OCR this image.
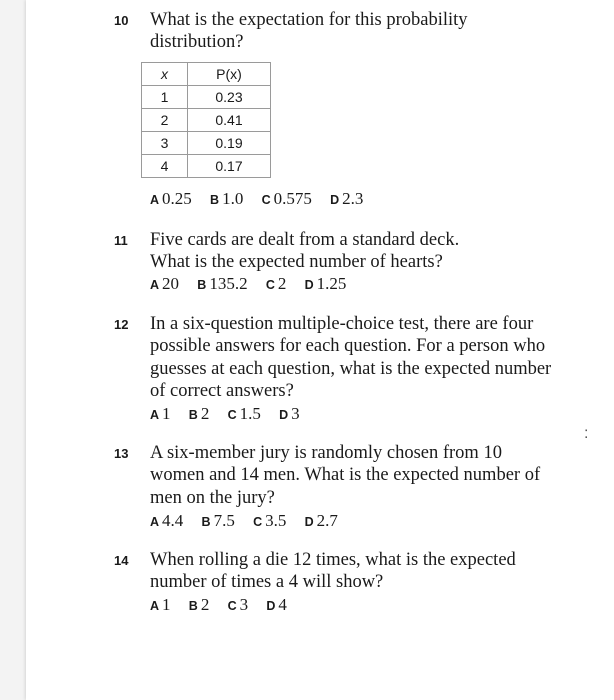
10 What is the expectation for this probability distribution?
x	P(x)
1	0.23
2	0.41
3	0.19
4	0.17
A 0.25 B 1.0 C 0.575 D 2.3
11 Five cards are dealt from a standard deck. What is the expected number of hearts?
A 20 B 135.2 C 2 D 1.25
12 In a six-question multiple-choice test, there are four possible answers for each question. For a person who guesses at each question, what is the expected number of correct answers?
A 1 B 2 C 1.5 D 3
13 A six-member jury is randomly chosen from 10 women and 14 men. What is the expected number of men on the jury?
A 4.4 B 7.5 C 3.5 D 2.7
14 When rolling a die 12 times, what is the expected number of times a 4 will show?
A 1 B 2 C 3 D 4
:
